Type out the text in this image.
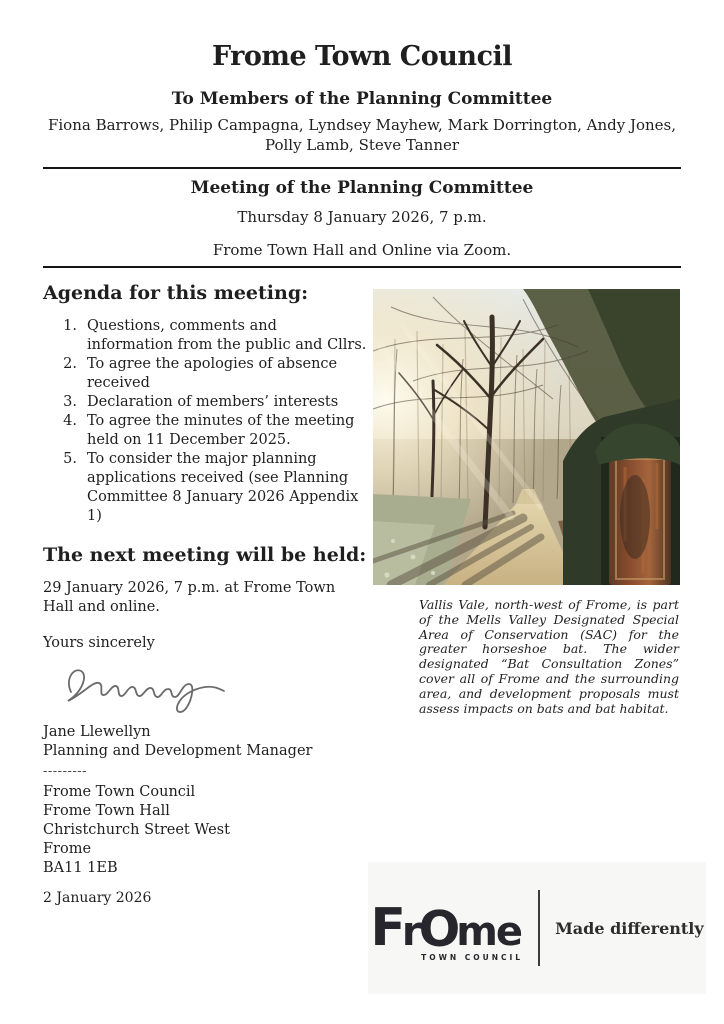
Frome Town Council
To Members of the Planning Committee

Fiona Barrows, Philip Campagna, Lyndsey Mayhew, Mark Dorrington, Andy Jones, Polly Lamb, Steve Tanner

Meeting of the Planning Committee

Thursday 8 January 2026, 7 p.m.

Frome Town Hall and Online via Zoom.

Agenda for this meeting:
1. Questions, comments and information from the public and Cllrs.
2. To agree the apologies of absence received
3. Declaration of members’ interests
4. To agree the minutes of the meeting held on 11 December 2025.
5. To consider the major planning applications received (see Planning Committee 8 January 2026 Appendix 1)
The next meeting will be held:

29 January 2026, 7 p.m. at Frome Town Hall and online.

Yours sincerely

Jane Llewellyn

Planning and Development Manager

---------

Frome Town Council

Frome Town Hall

Christchurch Street West

Frome

BA11 1EB

2 January 2026

Vallis Vale, north-west of Frome, is part of the Mells Valley Designated Special Area of Conservation (SAC) for the greater horseshoe bat. The wider designated “Bat Consultation Zones” cover all of Frome and the surrounding area, and development proposals must assess impacts on bats and bat habitat.

FrOme
TOWN COUNCIL
Made differently
